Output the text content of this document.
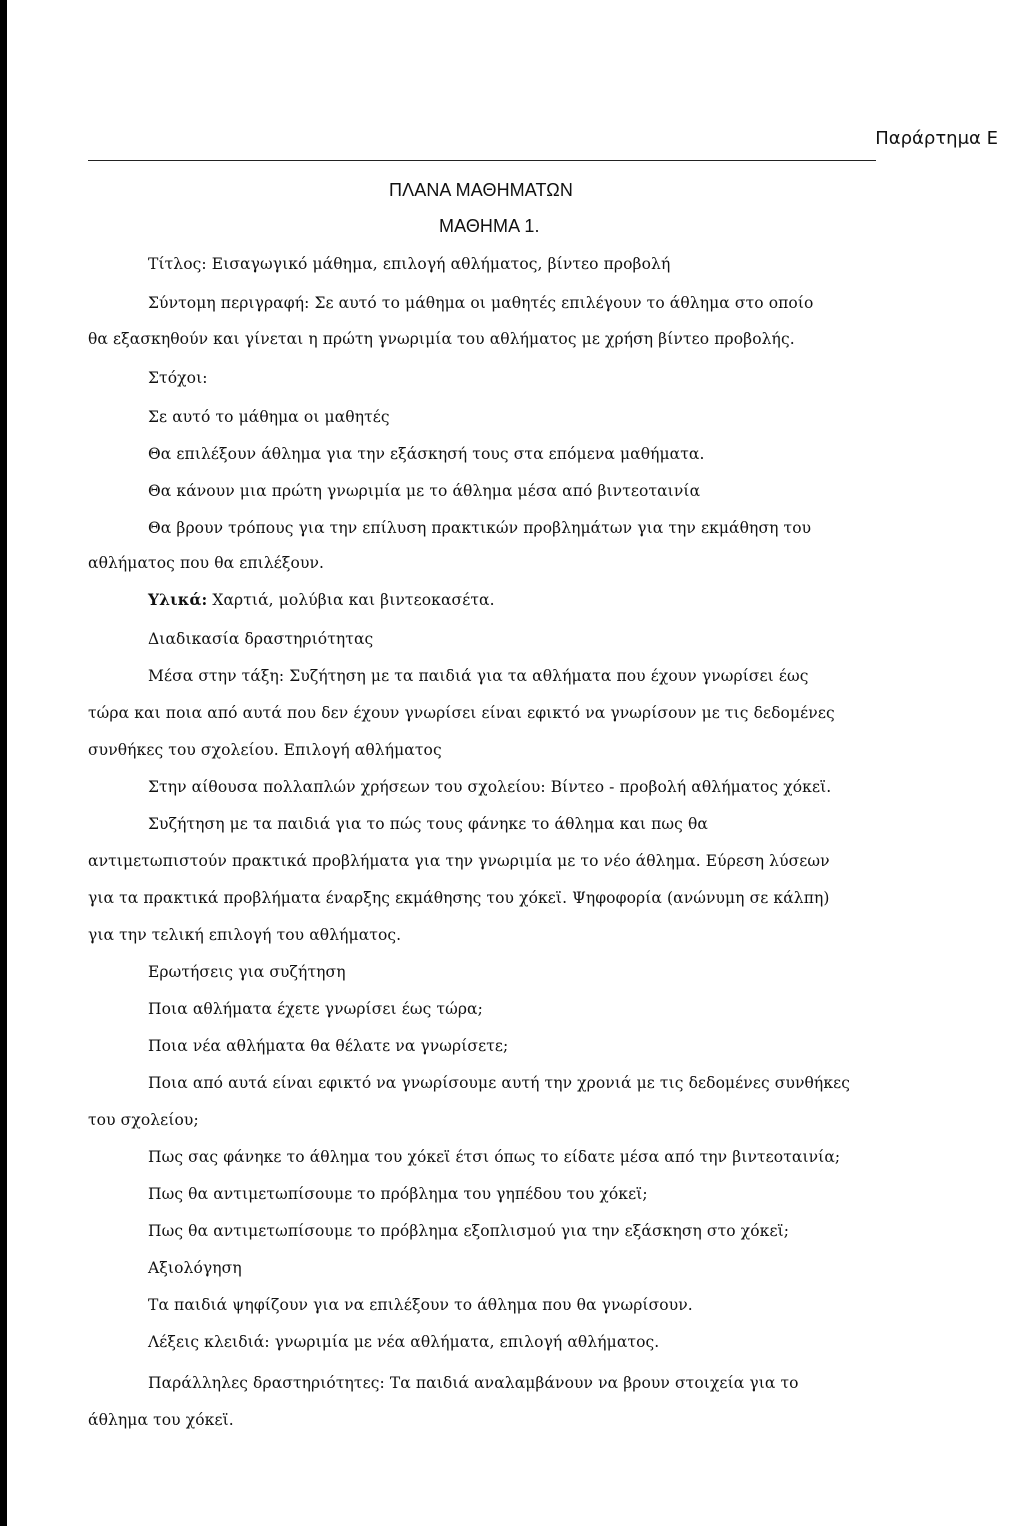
Παράρτημα Ε
ΠΛΑΝΑ ΜΑΘΗΜΑΤΩΝ
ΜΑΘΗΜΑ 1.
Τίτλος: Εισαγωγικό μάθημα, επιλογή αθλήματος, βίντεο προβολή
Σύντομη περιγραφή: Σε αυτό το μάθημα οι μαθητές επιλέγουν το άθλημα στο οποίο
θα εξασκηθούν και γίνεται η πρώτη γνωριμία του αθλήματος με χρήση βίντεο προβολής.
Στόχοι:
Σε αυτό το μάθημα οι μαθητές
Θα επιλέξουν άθλημα για την εξάσκησή τους στα επόμενα μαθήματα.
Θα κάνουν μια πρώτη γνωριμία με το άθλημα μέσα από βιντεοταινία
Θα βρουν τρόπους για την επίλυση πρακτικών προβλημάτων για την εκμάθηση του
αθλήματος που θα επιλέξουν.
Υλικά: Χαρτιά, μολύβια και βιντεοκασέτα.
Διαδικασία δραστηριότητας
Μέσα στην τάξη: Συζήτηση με τα παιδιά για τα αθλήματα που έχουν γνωρίσει έως
τώρα και ποια από αυτά που δεν έχουν γνωρίσει είναι εφικτό να γνωρίσουν με τις δεδομένες
συνθήκες του σχολείου. Επιλογή αθλήματος
Στην αίθουσα πολλαπλών χρήσεων του σχολείου: Βίντεο - προβολή αθλήματος χόκεϊ.
Συζήτηση με τα παιδιά για το πώς τους φάνηκε το άθλημα και πως θα
αντιμετωπιστούν πρακτικά προβλήματα για την γνωριμία με το νέο άθλημα. Εύρεση λύσεων
για τα πρακτικά προβλήματα έναρξης εκμάθησης του χόκεϊ. Ψηφοφορία (ανώνυμη σε κάλπη)
για την τελική επιλογή του αθλήματος.
Ερωτήσεις για συζήτηση
Ποια αθλήματα έχετε γνωρίσει έως τώρα;
Ποια νέα αθλήματα θα θέλατε να γνωρίσετε;
Ποια από αυτά είναι εφικτό να γνωρίσουμε αυτή την χρονιά με τις δεδομένες συνθήκες
του σχολείου;
Πως σας φάνηκε το άθλημα του χόκεϊ έτσι όπως το είδατε μέσα από την βιντεοταινία;
Πως θα αντιμετωπίσουμε το πρόβλημα του γηπέδου του χόκεϊ;
Πως θα αντιμετωπίσουμε το πρόβλημα εξοπλισμού για την εξάσκηση στο χόκεϊ;
Αξιολόγηση
Τα παιδιά ψηφίζουν για να επιλέξουν το άθλημα που θα γνωρίσουν.
Λέξεις κλειδιά: γνωριμία με νέα αθλήματα, επιλογή αθλήματος.
Παράλληλες δραστηριότητες: Τα παιδιά αναλαμβάνουν να βρουν στοιχεία για το
άθλημα του χόκεϊ.
